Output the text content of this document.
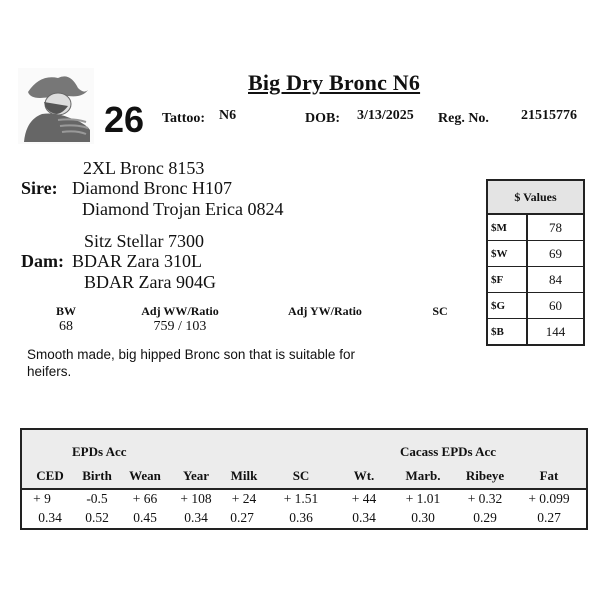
Big Dry Bronc N6
26 Tattoo: N6	DOB: 3/13/2025 Reg. No. 21515776
2XL Bronc 8153
Sire: Diamond Bronc H107
Diamond Trojan Erica 0824
Sitz Stellar 7300
Dam: BDAR Zara 310L
BDAR Zara 904G
BW	Adj WW/Ratio	Adj YW/Ratio	SC
68	759 / 103
Smooth made, big hipped Bronc son that is suitable for heifers.
$ Values	
$M	78
$W	69
$F	84
$G	60
$B	144
EPDs Acc	Cacass EPDs Acc
CED	Birth	Wean	Year	Milk	SC	Wt.	Marb.	Ribeye	Fat
+ 9	-0.5	+ 66	+ 108	+ 24	+ 1.51	+ 44	+ 1.01	+ 0.32	+ 0.099
0.34	0.52	0.45	0.34	0.27	0.36	0.34	0.30	0.29	0.27
